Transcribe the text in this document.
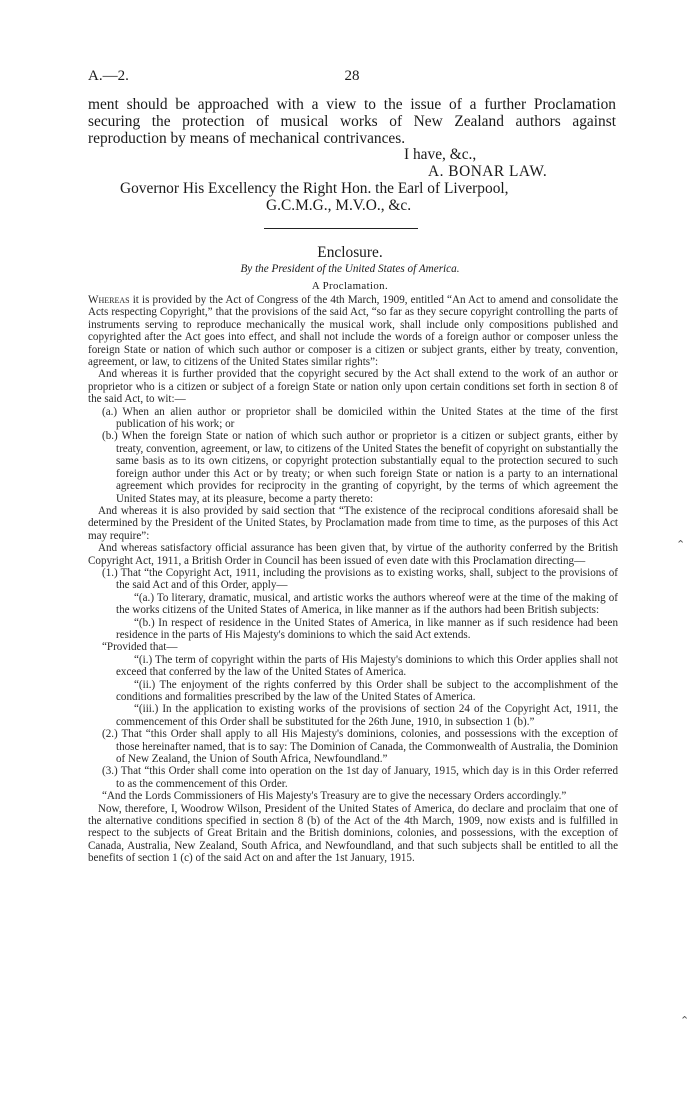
A.—2.	28
ment should be approached with a view to the issue of a further Proclamation securing the protection of musical works of New Zealand authors against reproduction by means of mechanical contrivances.
I have, &c.,
A. BONAR LAW.
Governor His Excellency the Right Hon. the Earl of Liverpool,
G.C.M.G., M.V.O., &c.
Enclosure.
By the President of the United States of America.
A Proclamation.

Whereas it is provided by the Act of Congress of the 4th March, 1909, entitled “An Act to amend and consolidate the Acts respecting Copyright,” that the provisions of the said Act, “so far as they secure copyright controlling the parts of instruments serving to reproduce mechanically the musical work, shall include only compositions published and copyrighted after the Act goes into effect, and shall not include the words of a foreign author or composer unless the foreign State or nation of which such author or composer is a citizen or subject grants, either by treaty, convention, agreement, or law, to citizens of the United States similar rights”:

And whereas it is further provided that the copyright secured by the Act shall extend to the work of an author or proprietor who is a citizen or subject of a foreign State or nation only upon certain conditions set forth in section 8 of the said Act, to wit:—

(a.) When an alien author or proprietor shall be domiciled within the United States at the time of the first publication of his work; or

(b.) When the foreign State or nation of which such author or proprietor is a citizen or subject grants, either by treaty, convention, agreement, or law, to citizens of the United States the benefit of copyright on substantially the same basis as to its own citizens, or copyright protection substantially equal to the protection secured to such foreign author under this Act or by treaty; or when such foreign State or nation is a party to an international agreement which provides for reciprocity in the granting of copyright, by the terms of which agreement the United States may, at its pleasure, become a party thereto:

And whereas it is also provided by said section that “The existence of the reciprocal conditions aforesaid shall be determined by the President of the United States, by Proclamation made from time to time, as the purposes of this Act may require”:

And whereas satisfactory official assurance has been given that, by virtue of the authority conferred by the British Copyright Act, 1911, a British Order in Council has been issued of even date with this Proclamation directing—

(1.) That “the Copyright Act, 1911, including the provisions as to existing works, shall, subject to the provisions of the said Act and of this Order, apply—

“(a.) To literary, dramatic, musical, and artistic works the authors whereof were at the time of the making of the works citizens of the United States of America, in like manner as if the authors had been British subjects:

“(b.) In respect of residence in the United States of America, in like manner as if such residence had been residence in the parts of His Majesty's dominions to which the said Act extends.

“Provided that—

“(i.) The term of copyright within the parts of His Majesty's dominions to which this Order applies shall not exceed that conferred by the law of the United States of America.

“(ii.) The enjoyment of the rights conferred by this Order shall be subject to the accomplishment of the conditions and formalities prescribed by the law of the United States of America.

“(iii.) In the application to existing works of the provisions of section 24 of the Copyright Act, 1911, the commencement of this Order shall be substituted for the 26th June, 1910, in subsection 1 (b).”

(2.) That “this Order shall apply to all His Majesty's dominions, colonies, and possessions with the exception of those hereinafter named, that is to say: The Dominion of Canada, the Commonwealth of Australia, the Dominion of New Zealand, the Union of South Africa, Newfoundland.”

(3.) That “this Order shall come into operation on the 1st day of January, 1915, which day is in this Order referred to as the commencement of this Order.

“And the Lords Commissioners of His Majesty's Treasury are to give the necessary Orders accordingly.”

Now, therefore, I, Woodrow Wilson, President of the United States of America, do declare and proclaim that one of the alternative conditions specified in section 8 (b) of the Act of the 4th March, 1909, now exists and is fulfilled in respect to the subjects of Great Britain and the British dominions, colonies, and possessions, with the exception of Canada, Australia, New Zealand, South Africa, and Newfoundland, and that such subjects shall be entitled to all the benefits of section 1 (c) of the said Act on and after the 1st January, 1915.

⌃
⌃
